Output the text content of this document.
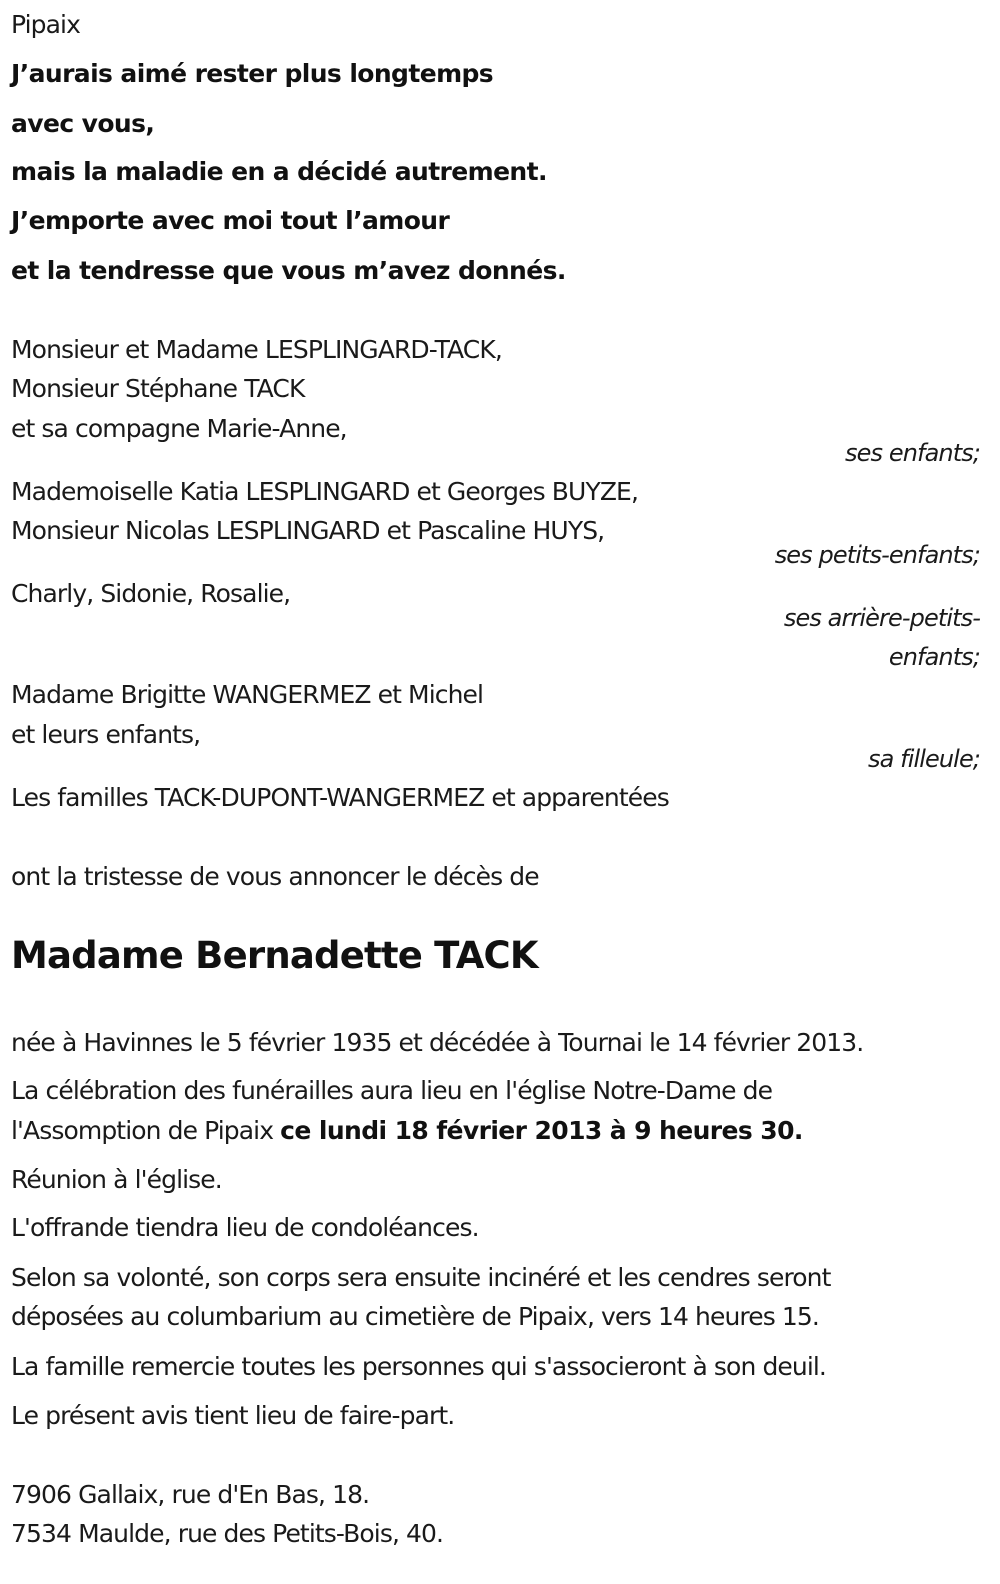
Pipaix
J’aurais aimé rester plus longtemps
avec vous,
mais la maladie en a décidé autrement.
J’emporte avec moi tout l’amour
et la tendresse que vous m’avez donnés.
Monsieur et Madame LESPLINGARD-TACK,
Monsieur Stéphane TACK
et sa compagne Marie-Anne,
ses enfants;
Mademoiselle Katia LESPLINGARD et Georges BUYZE,
Monsieur Nicolas LESPLINGARD et Pascaline HUYS,
ses petits-enfants;
Charly, Sidonie, Rosalie,
ses arrière-petits-
enfants;
Madame Brigitte WANGERMEZ et Michel
et leurs enfants,
sa filleule;
Les familles TACK-DUPONT-WANGERMEZ et apparentées
ont la tristesse de vous annoncer le décès de
Madame Bernadette TACK
née à Havinnes le 5 février 1935 et décédée à Tournai le 14 février 2013.
La célébration des funérailles aura lieu en l'église Notre-Dame de
l'Assomption de Pipaix ce lundi 18 février 2013 à 9 heures 30.
Réunion à l'église.
L'offrande tiendra lieu de condoléances.
Selon sa volonté, son corps sera ensuite incinéré et les cendres seront
déposées au columbarium au cimetière de Pipaix, vers 14 heures 15.
La famille remercie toutes les personnes qui s'associeront à son deuil.
Le présent avis tient lieu de faire-part.
7906 Gallaix, rue d'En Bas, 18.
7534 Maulde, rue des Petits-Bois, 40.
